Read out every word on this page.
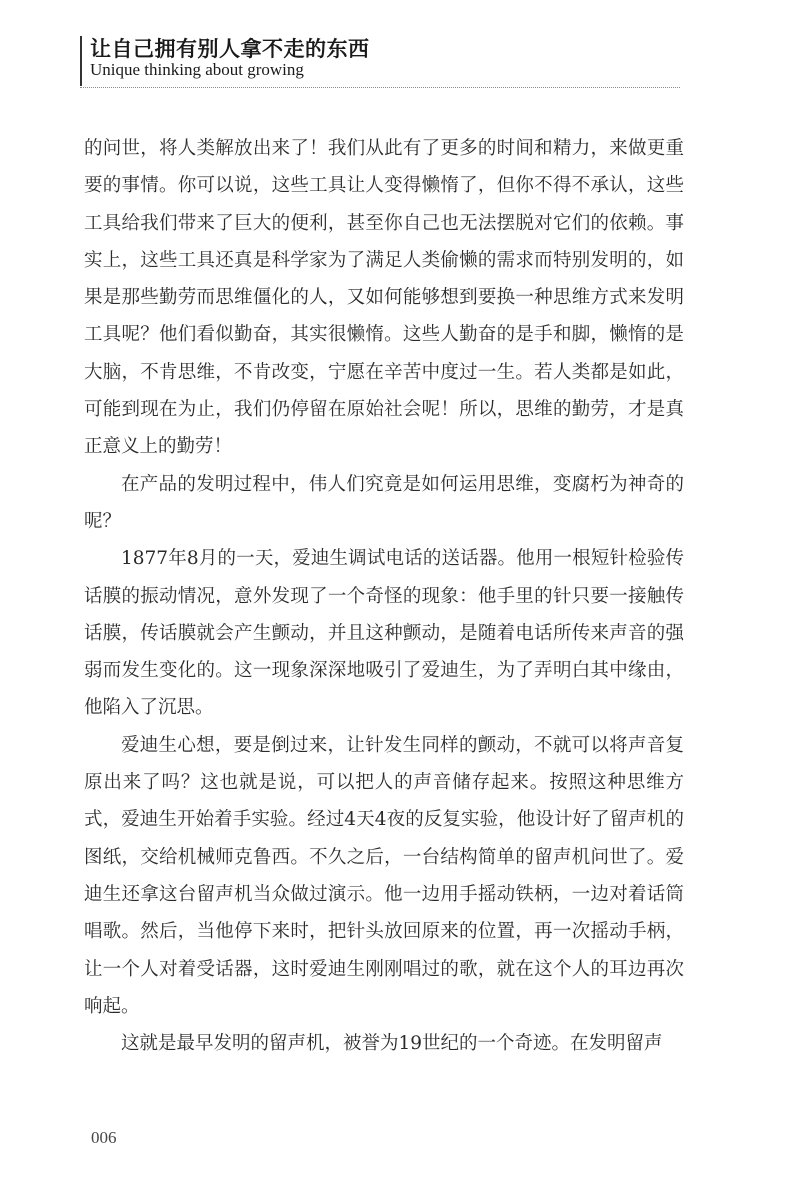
让自己拥有别人拿不走的东西
Unique thinking about growing

的问世，将人类解放出来了！我们从此有了更多的时间和精力，来做更重要的事情。你可以说，这些工具让人变得懒惰了，但你不得不承认，这些工具给我们带来了巨大的便利，甚至你自己也无法摆脱对它们的依赖。事实上，这些工具还真是科学家为了满足人类偷懒的需求而特别发明的，如果是那些勤劳而思维僵化的人，又如何能够想到要换一种思维方式来发明工具呢？他们看似勤奋，其实很懒惰。这些人勤奋的是手和脚，懒惰的是大脑，不肯思维，不肯改变，宁愿在辛苦中度过一生。若人类都是如此，可能到现在为止，我们仍停留在原始社会呢！所以，思维的勤劳，才是真正意义上的勤劳！

在产品的发明过程中，伟人们究竟是如何运用思维，变腐朽为神奇的呢？

1877年8月的一天，爱迪生调试电话的送话器。他用一根短针检验传话膜的振动情况，意外发现了一个奇怪的现象：他手里的针只要一接触传话膜，传话膜就会产生颤动，并且这种颤动，是随着电话所传来声音的强弱而发生变化的。这一现象深深地吸引了爱迪生，为了弄明白其中缘由，他陷入了沉思。

爱迪生心想，要是倒过来，让针发生同样的颤动，不就可以将声音复原出来了吗？这也就是说，可以把人的声音储存起来。按照这种思维方式，爱迪生开始着手实验。经过4天4夜的反复实验，他设计好了留声机的图纸，交给机械师克鲁西。不久之后，一台结构简单的留声机问世了。爱迪生还拿这台留声机当众做过演示。他一边用手摇动铁柄，一边对着话筒唱歌。然后，当他停下来时，把针头放回原来的位置，再一次摇动手柄，让一个人对着受话器，这时爱迪生刚刚唱过的歌，就在这个人的耳边再次响起。

这就是最早发明的留声机，被誉为19世纪的一个奇迹。在发明留声

006
